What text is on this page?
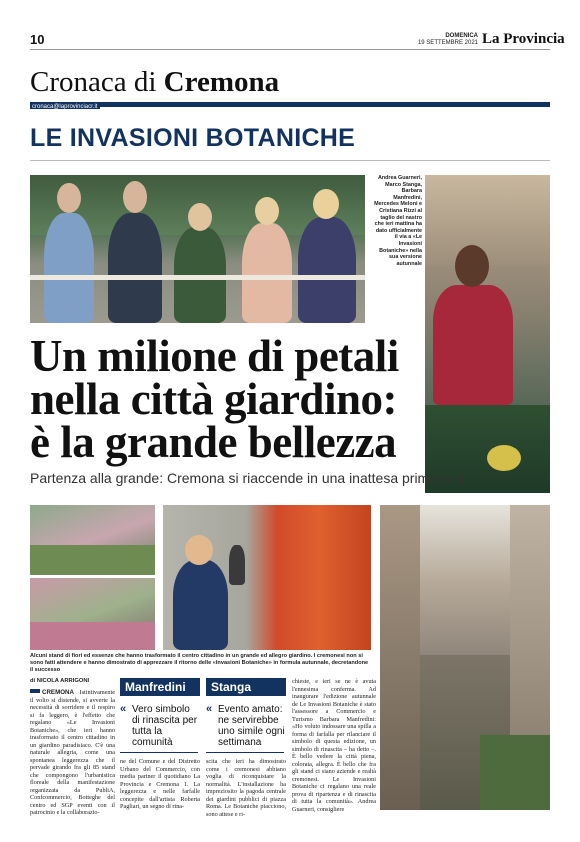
10	DOMENICA
19 SETTEMBRE 2021 La Provincia
Cronaca di Cremona
cronaca@laprovinciacr.it
LE INVASIONI BOTANICHE
Andrea Guarneri, Marco Stanga, Barbara Manfredini, Mercedes Meloni e Cristiana Rizzi al taglio del nastro che ieri mattina ha dato ufficialmente il via a «Le Invasioni Botaniche» nella sua versione autunnale
Un milione di petali
nella città giardino:
è la grande bellezza
Partenza alla grande: Cremona si riaccende in una inattesa primavera
Alcuni stand di fiori ed essenze che hanno trasformato il centro cittadino in un grande ed allegro giardino. I cremonesi non si sono fatti attendere e hanno dimostrato di apprezzare il ritorno delle «Invasioni Botaniche» in formula autunnale, decretandone il successo
di NICOLA ARRIGONI
CREMONA Istintivamente il volto si distende, si avverte la necessità di sorridere e il respiro si fa leggero, è l'effetto che regalano «Le Invasioni Botaniche», che ieri hanno trasformato il centro cittadino in un giardino paradisiaco. C'è una naturale allegria, come una spontanea leggerezza che il pervade girando fra gli 85 stand che compongono l'urbanistica floreale della manifestazione organizzata da PubliA, Confcommercio, Botteghe del centro ed SGP eventi con il patrocinio e la collaborazio-
Manfredini	Stanga
« Vero simbolo di rinascita per tutta la comunità
« Evento amato: ne servirebbe uno simile ogni settimana
ne del Comune e del Distretto Urbano del Commercio, con media partner il quotidiano La Provincia e Cremona 1. La leggerezza e nelle farfalle concepite dall'artista Roberta Pagliari, un segno di rina-
scita che ieri ha dimostrato come i cremonesi abbiano voglia di riconquistare la normalità. L'installazione ha impreziosito la pagoda centrale dei giardini pubblici di piazza Roma. Le Botaniche piacciono, sono attese e ri-
chieste, e ieri se ne è avuta l'ennesima conferma. Ad inaugurare l'edizione autunnale de Le Invasioni Botaniche è stato l'assessore a Commercio e Turismo Barbara Manfredini: «Ho voluto indossare una spilla a forma di farfalla per rilanciare il simbolo di questa edizione, un simbolo di rinascita – ha detto –. È bello vedere la città piena, colorata, allegra. È bello che fra gli stand ci siano aziende e realtà cremonesi. Le Invasioni Botaniche ci regalano una reale prova di ripartenza e di rinascita di tutta la comunità». Andrea Guarneri, consigliere
